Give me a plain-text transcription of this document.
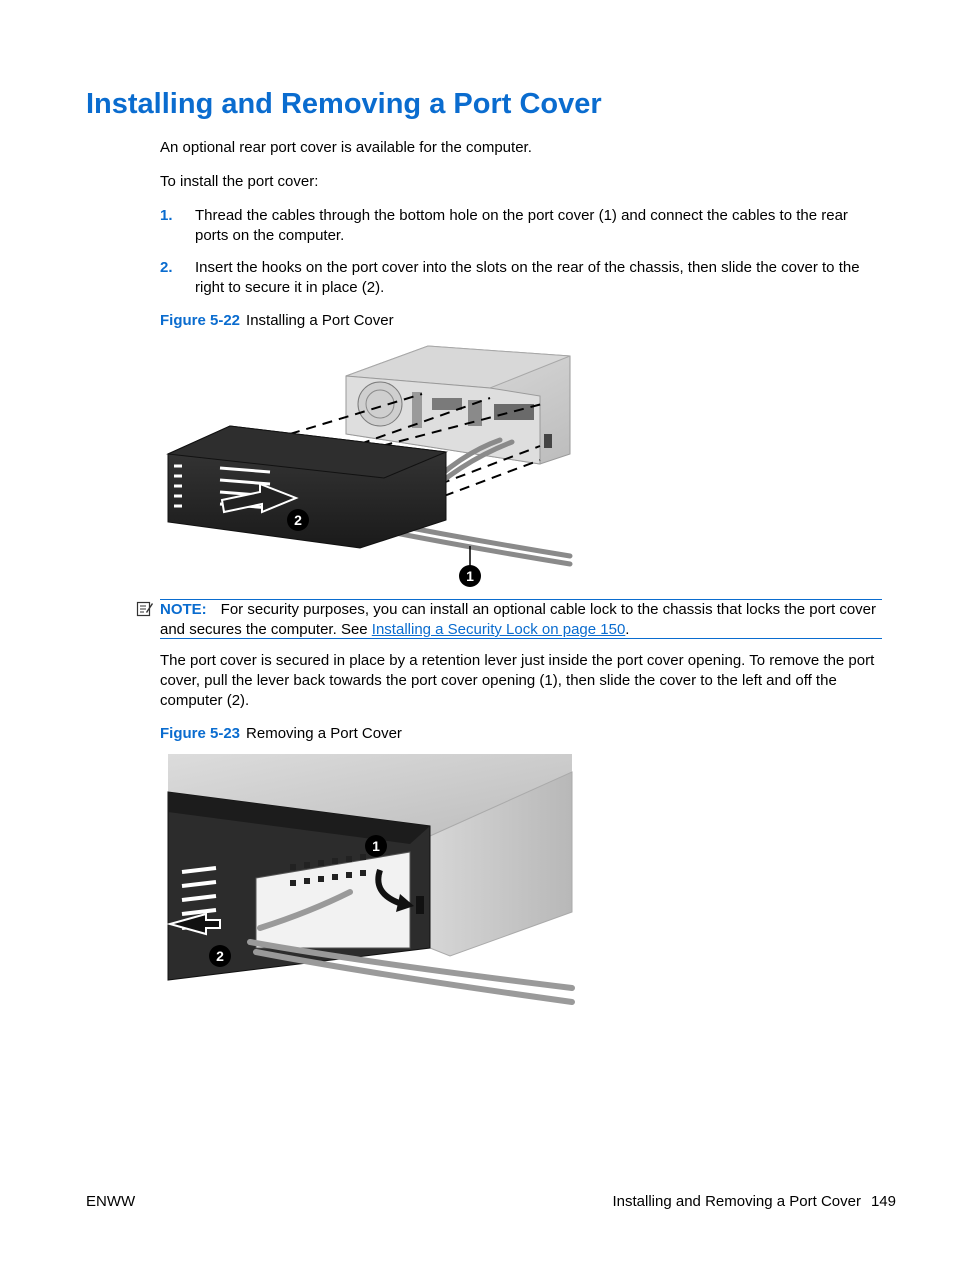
Installing and Removing a Port Cover

An optional rear port cover is available for the computer.

To install the port cover:

1. Thread the cables through the bottom hole on the port cover (1) and connect the cables to the rear ports on the computer.
2. Insert the hooks on the port cover into the slots on the rear of the chassis, then slide the cover to the right to secure it in place (2).
Figure 5-22 Installing a Port Cover
2
1
NOTE: For security purposes, you can install an optional cable lock to the chassis that locks the port cover and secures the computer. See Installing a Security Lock on page 150.

The port cover is secured in place by a retention lever just inside the port cover opening. To remove the port cover, pull the lever back towards the port cover opening (1), then slide the cover to the left and off the computer (2).

Figure 5-23 Removing a Port Cover
1
2
ENWW	Installing and Removing a Port Cover 149
